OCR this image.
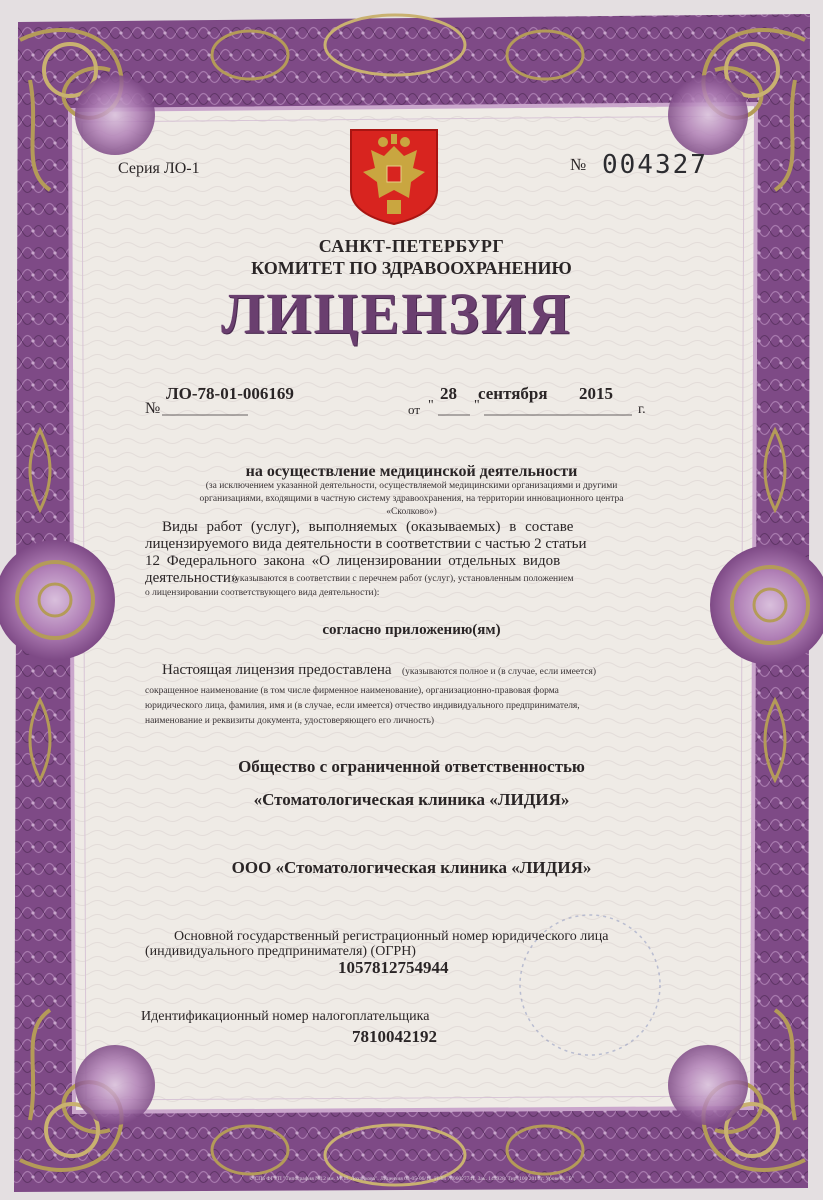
Серия ЛО-1	№ 004327
САНКТ-ПЕТЕРБУРГ
КОМИТЕТ ПО ЗДРАВООХРАНЕНИЮ
ЛИЦЕНЗИЯ
№
ЛО-78-01-006169
от "
28
"
сентября 2015
г.
на осуществление медицинской деятельности
(за исключением указанной деятельности, осуществляемой медицинскими организациями и другими
организациями, входящими в частную систему здравоохранения, на территории инновационного центра
«Сколково»)
Виды работ (услуг), выполняемых (оказываемых) в составе
лицензируемого вида деятельности в соответствии с частью 2 статьи
12 Федерального закона «О лицензировании отдельных видов
деятельности»
(указываются в соответствии с перечнем работ (услуг), установленным положением
о лицензировании соответствующего вида деятельности):
согласно приложению(ям)
Настоящая лицензия предоставлена (указываются полное и (в случае, если имеется)
сокращенное наименование (в том числе фирменное наименование), организационно-правовая форма
юридического лица, фамилия, имя и (в случае, если имеется) отчество индивидуального предпринимателя,
наименование и реквизиты документа, удостоверяющего его личность)
Общество с ограниченной ответственностью
«Стоматологическая клиника «ЛИДИЯ»
ООО «Стоматологическая клиника «ЛИДИЯ»
Основной государственный регистрационный номер юридического лица
(индивидуального предпринимателя) (ОГРН)
1057812754944
Идентификационный номер налогоплательщика
7810042192
© СПб ФГУП "Типография №12 им. М. И. Лоханкова". Лицензия 03-05-06/16. ИНН 7806027741. Зак. 143928. Тир. 100 2014 г. Уровень "Б"
